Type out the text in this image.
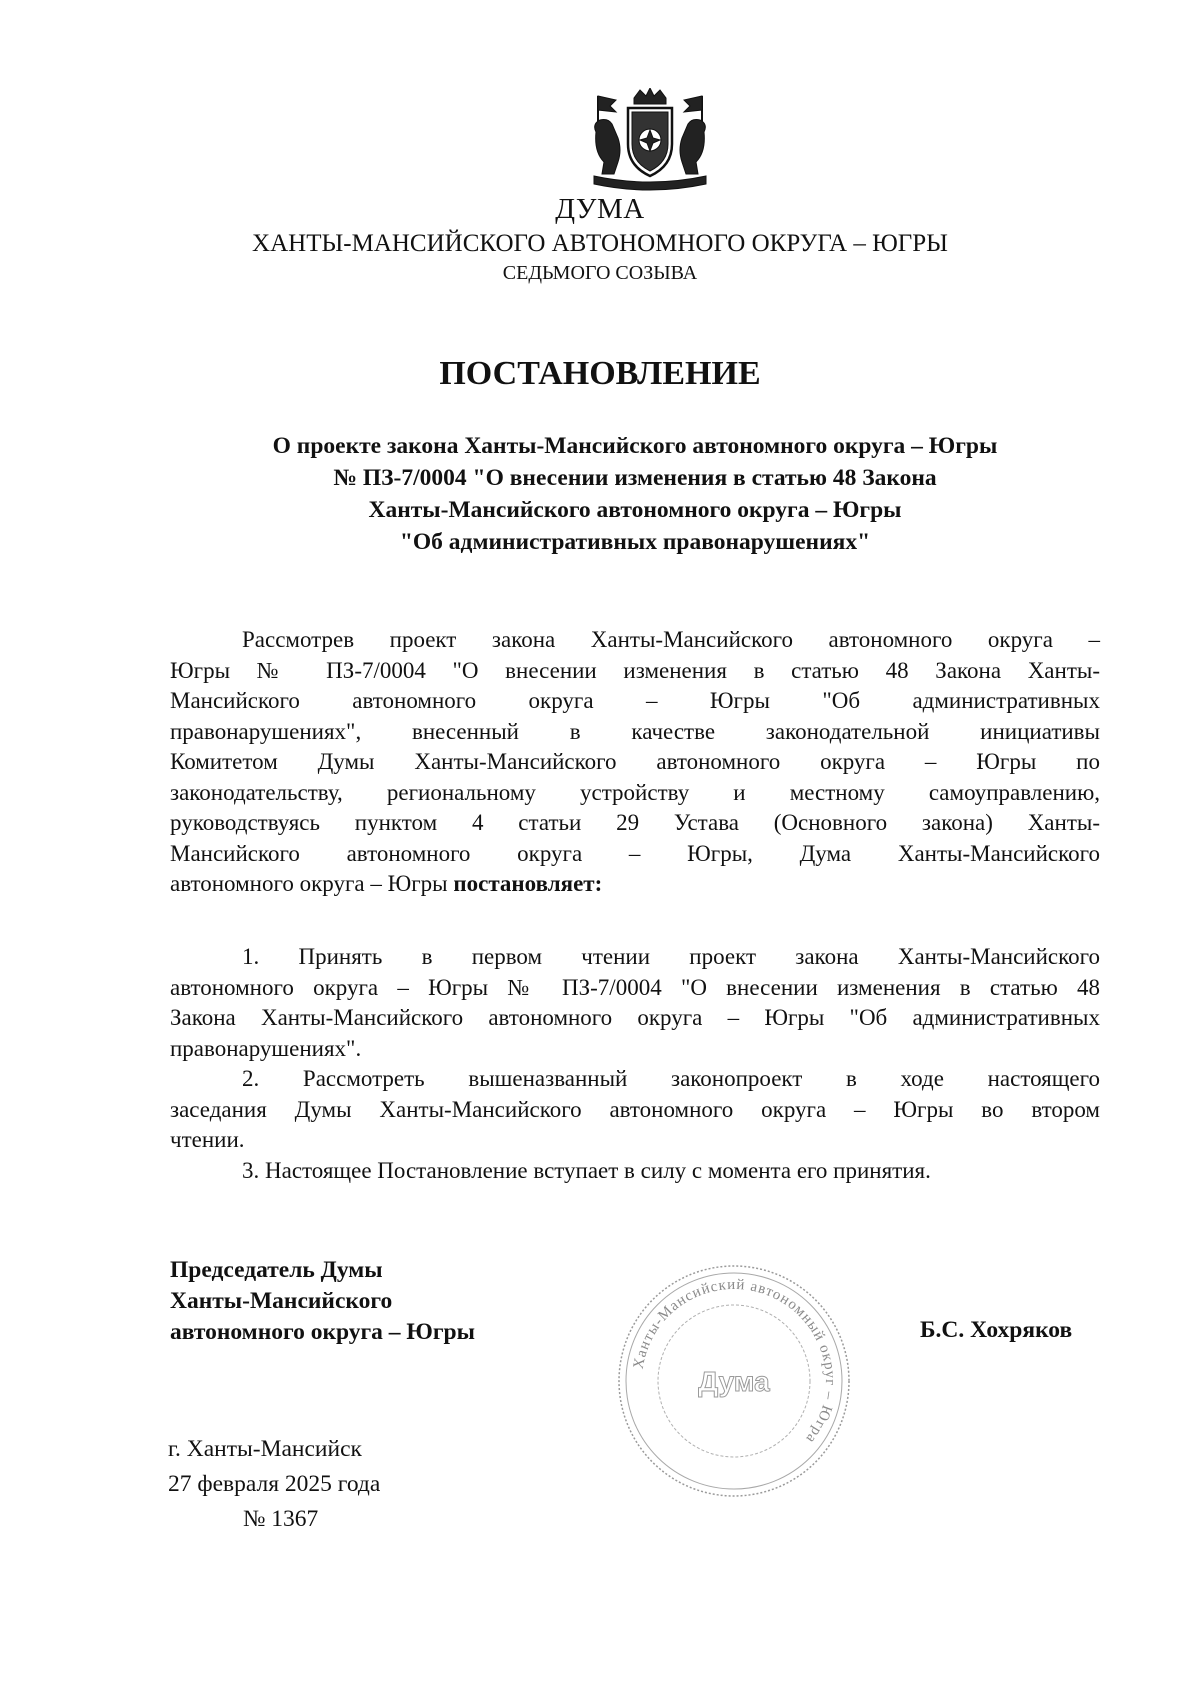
ДУМА
ХАНТЫ-МАНСИЙСКОГО АВТОНОМНОГО ОКРУГА – ЮГРЫ
СЕДЬМОГО СОЗЫВА
ПОСТАНОВЛЕНИЕ
О проекте закона Ханты-Мансийского автономного округа – Югры
№ ПЗ-7/0004 "О внесении изменения в статью 48 Закона
Ханты-Мансийского автономного округа – Югры
"Об административных правонарушениях"
Рассмотрев проект закона Ханты-Мансийского автономного округа –
Югры № ПЗ-7/0004 "О внесении изменения в статью 48 Закона Ханты-
Мансийского автономного округа – Югры "Об административных
правонарушениях", внесенный в качестве законодательной инициативы
Комитетом Думы Ханты-Мансийского автономного округа – Югры по
законодательству, региональному устройству и местному самоуправлению,
руководствуясь пунктом 4 статьи 29 Устава (Основного закона) Ханты-
Мансийского автономного округа – Югры, Дума Ханты-Мансийского
автономного округа – Югры постановляет:
1. Принять в первом чтении проект закона Ханты-Мансийского
автономного округа – Югры № ПЗ-7/0004 "О внесении изменения в статью 48
Закона Ханты-Мансийского автономного округа – Югры "Об административных
правонарушениях".
2. Рассмотреть вышеназванный законопроект в ходе настоящего
заседания Думы Ханты-Мансийского автономного округа – Югры во втором
чтении.
3. Настоящее Постановление вступает в силу с момента его принятия.
Председатель Думы
Ханты-Мансийского
автономного округа – Югры
Ханты-Мансийский автономный округ – Югра
Дума
Б.С. Хохряков
г. Ханты-Мансийск
27 февраля 2025 года
№ 1367
